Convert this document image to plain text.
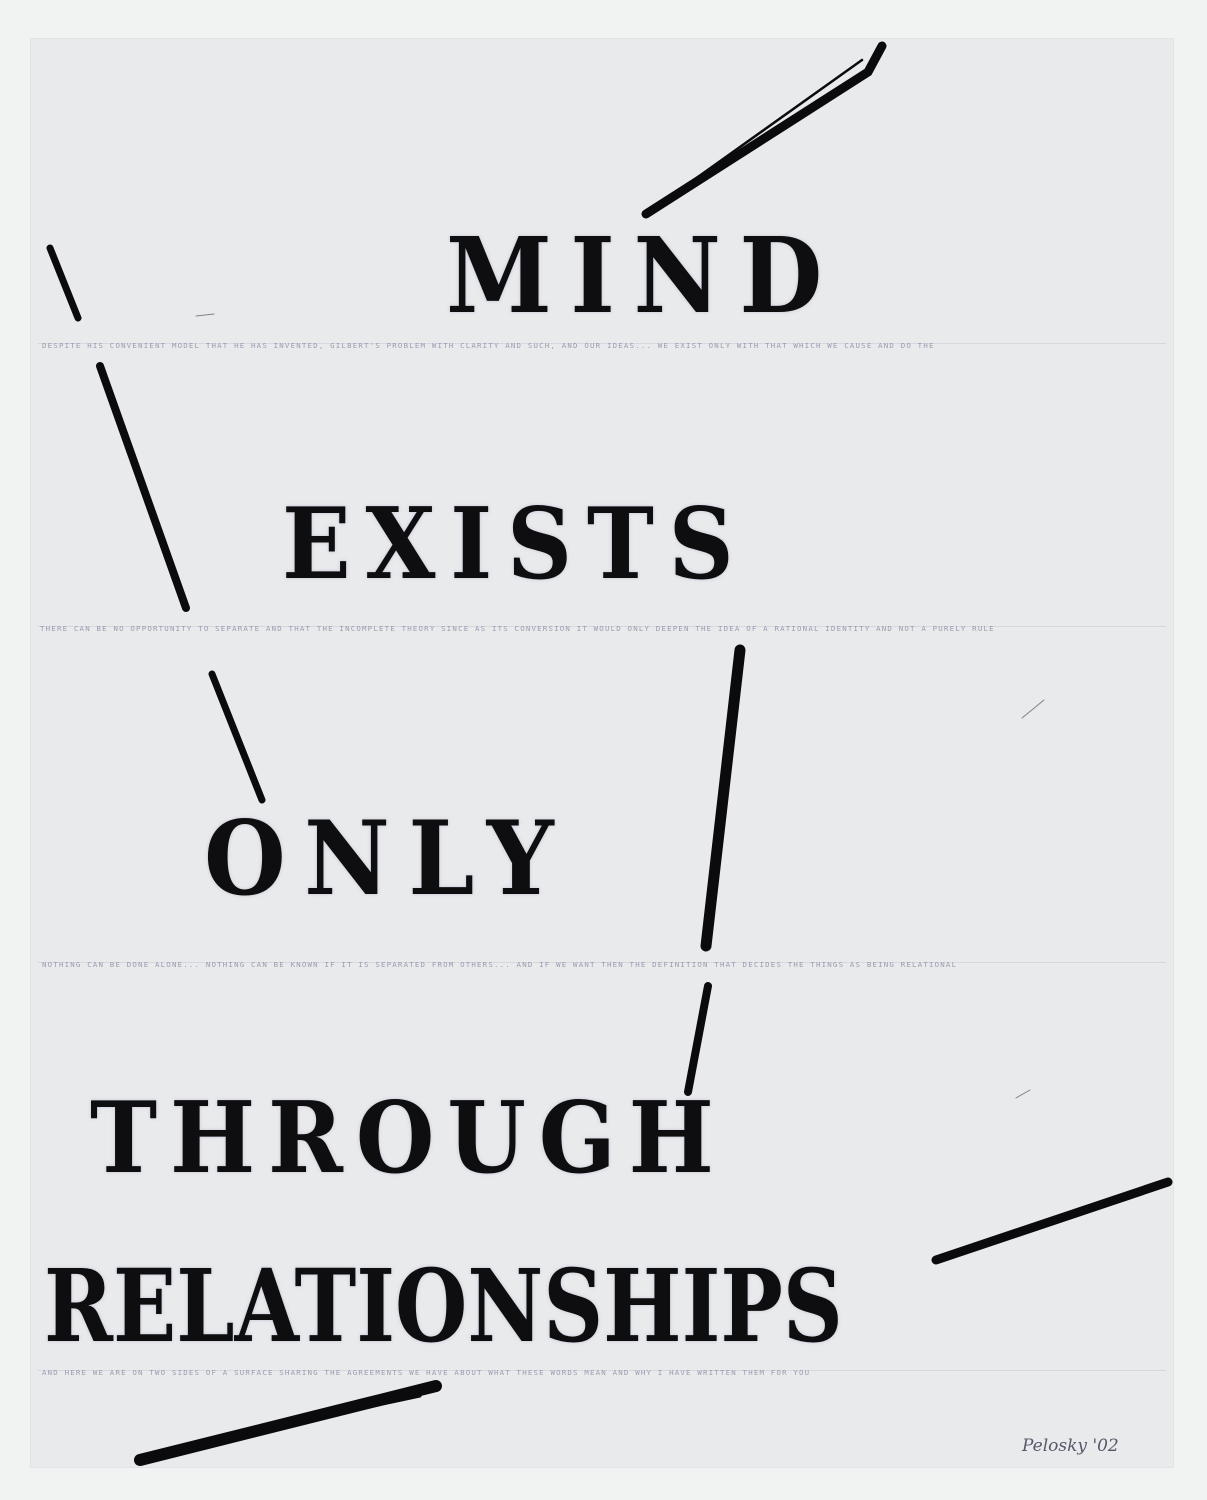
MIND
DESPITE HIS CONVENIENT MODEL THAT HE HAS INVENTED, GILBERT'S PROBLEM WITH CLARITY AND SUCH, AND OUR IDEAS... WE EXIST ONLY WITH THAT WHICH WE CAUSE AND DO THE
EXISTS
THERE CAN BE NO OPPORTUNITY TO SEPARATE AND THAT THE INCOMPLETE THEORY SINCE AS ITS CONVERSION IT WOULD ONLY DEEPEN THE IDEA OF A RATIONAL IDENTITY AND NOT A PURELY RULE
ONLY
NOTHING CAN BE DONE ALONE... NOTHING CAN BE KNOWN IF IT IS SEPARATED FROM OTHERS... AND IF WE WANT THEN THE DEFINITION THAT DECIDES THE THINGS AS BEING RELATIONAL
THROUGH
RELATIONSHIPS
AND HERE WE ARE ON TWO SIDES OF A SURFACE SHARING THE AGREEMENTS WE HAVE ABOUT WHAT THESE WORDS MEAN AND WHY I HAVE WRITTEN THEM FOR YOU
Pelosky '02
